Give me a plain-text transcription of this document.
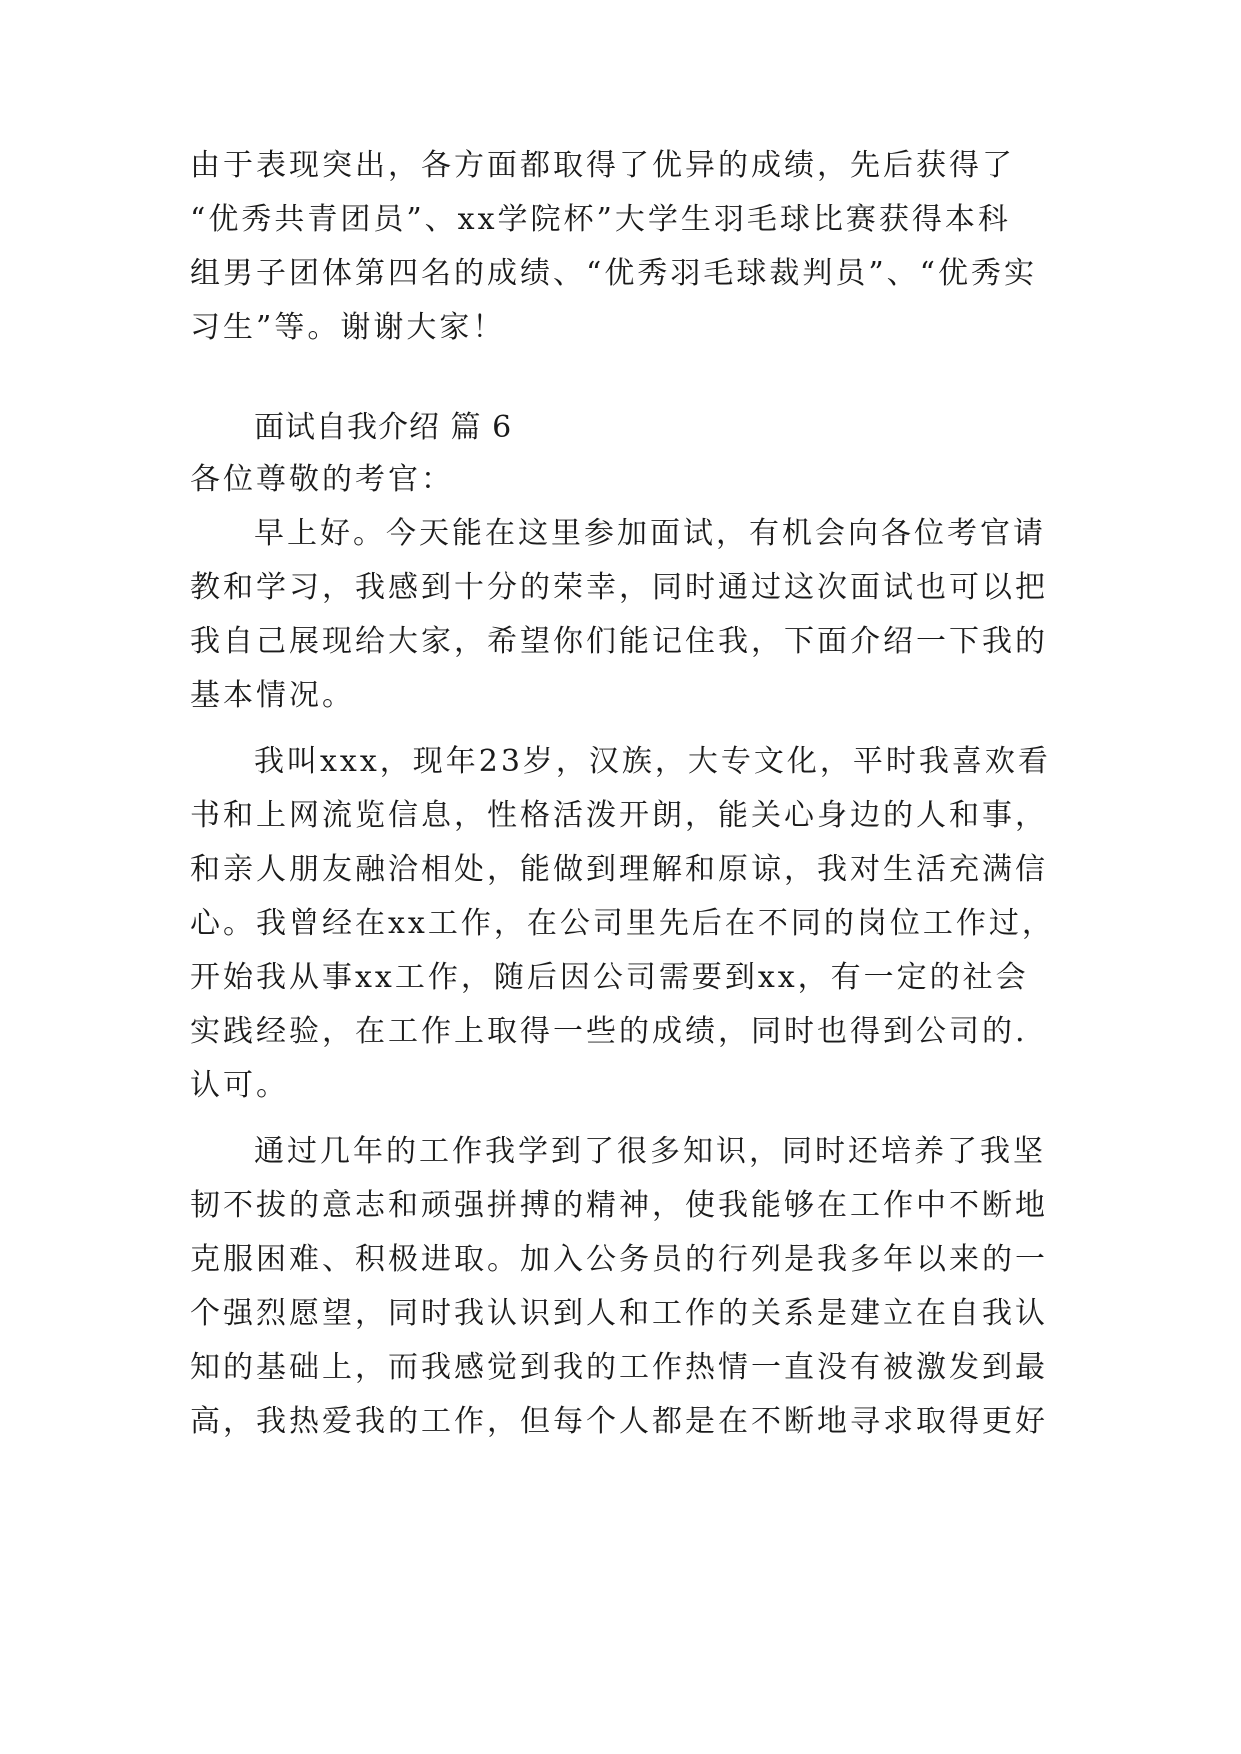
由于表现突出，各方面都取得了优异的成绩，先后获得了
“优秀共青团员”、xx学院杯”大学生羽毛球比赛获得本科
组男子团体第四名的成绩、“优秀羽毛球裁判员”、“优秀实
习生”等。谢谢大家！
面试自我介绍 篇 6
各位尊敬的考官：
早上好。今天能在这里参加面试，有机会向各位考官请
教和学习，我感到十分的荣幸，同时通过这次面试也可以把
我自己展现给大家，希望你们能记住我，下面介绍一下我的
基本情况。
我叫xxx，现年23岁，汉族，大专文化，平时我喜欢看
书和上网流览信息，性格活泼开朗，能关心身边的人和事，
和亲人朋友融洽相处，能做到理解和原谅，我对生活充满信
心。我曾经在xx工作，在公司里先后在不同的岗位工作过，
开始我从事xx工作，随后因公司需要到xx，有一定的社会
实践经验，在工作上取得一些的成绩，同时也得到公司的.
认可。
通过几年的工作我学到了很多知识，同时还培养了我坚
韧不拔的意志和顽强拼搏的精神，使我能够在工作中不断地
克服困难、积极进取。加入公务员的行列是我多年以来的一
个强烈愿望，同时我认识到人和工作的关系是建立在自我认
知的基础上，而我感觉到我的工作热情一直没有被激发到最
高，我热爱我的工作，但每个人都是在不断地寻求取得更好
